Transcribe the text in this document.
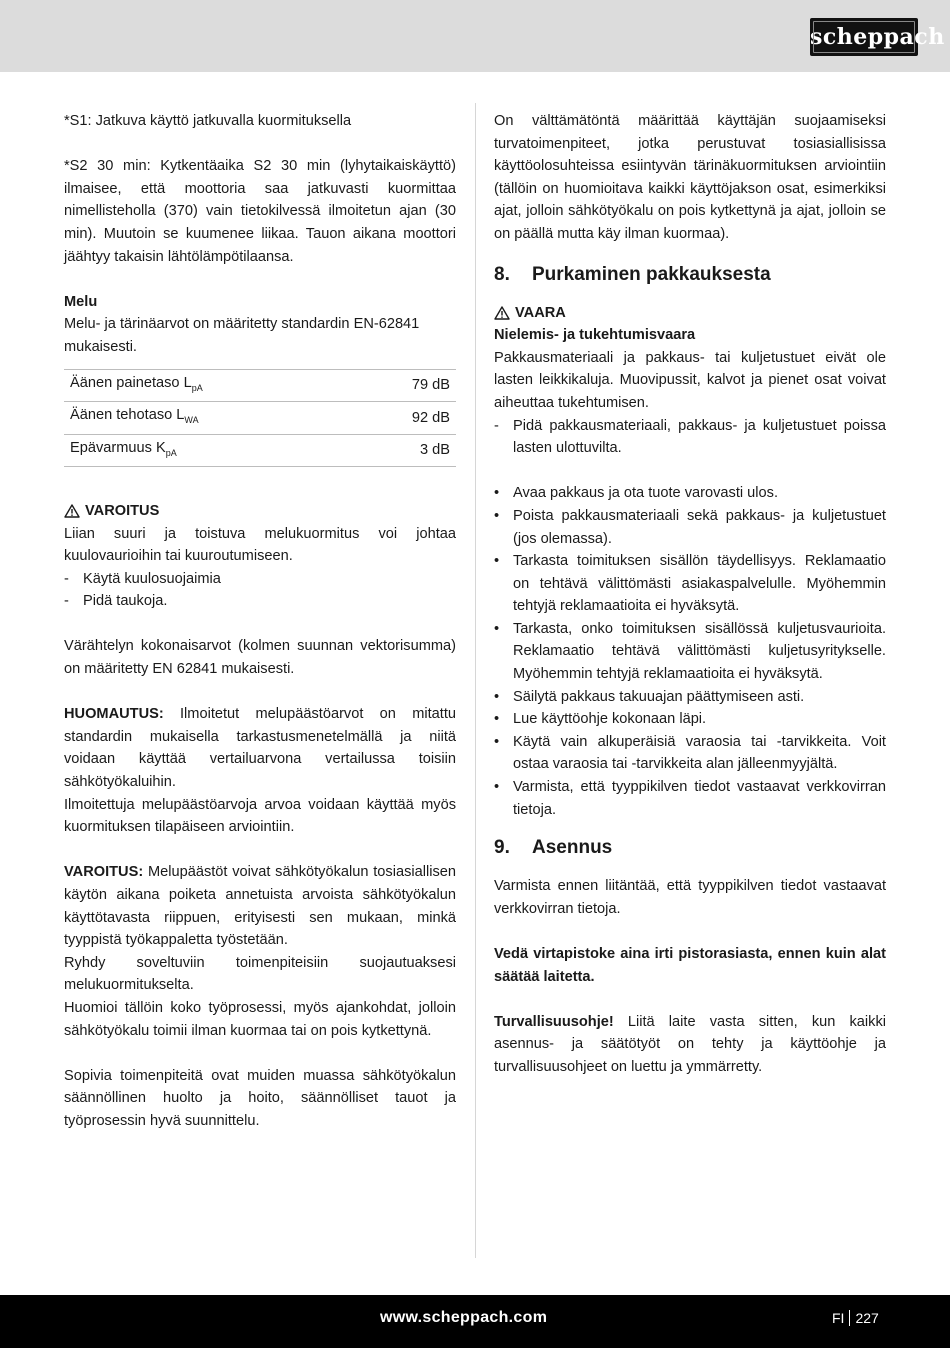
scheppach

*S1: Jatkuva käyttö jatkuvalla kuormituksella

*S2 30 min: Kytkentäaika S2 30 min (lyhytaikaiskäyttö) ilmaisee, että moottoria saa jatkuvasti kuormittaa nimellisteholla (370) vain tietokilvessä ilmoitetun ajan (30 min). Muutoin se kuumenee liikaa. Tauon aikana moottori jäähtyy takaisin lähtölämpötilaansa.

Melu

Melu- ja tärinäarvot on määritetty standardin EN-62841 mukaisesti.

Äänen painetaso $L_{pA}$	79 dB
Äänen tehotaso $L_{WA}$	92 dB
Epävarmuus $K_{pA}$	3 dB

VAROITUS

Liian suuri ja toistuva melukuormitus voi johtaa kuulovaurioihin tai kuuroutumiseen.

- Käytä kuulosuojaimia
- Pidä taukoja.

Värähtelyn kokonaisarvot (kolmen suunnan vektorisumma) on määritetty EN 62841 mukaisesti.

HUOMAUTUS: Ilmoitetut melupäästöarvot on mitattu standardin mukaisella tarkastusmenetelmällä ja niitä voidaan käyttää vertailuarvona vertailussa toisiin sähkötyökaluihin.

Ilmoitettuja melupäästöarvoja arvoa voidaan käyttää myös kuormituksen tilapäiseen arviointiin.

VAROITUS: Melupäästöt voivat sähkötyökalun tosiasiallisen käytön aikana poiketa annetuista arvoista sähkötyökalun käyttötavasta riippuen, erityisesti sen mukaan, minkä tyyppistä työkappaletta työstetään.

Ryhdy soveltuviin toimenpiteisiin suojautuaksesi melukuormitukselta.

Huomioi tällöin koko työprosessi, myös ajankohdat, jolloin sähkötyökalu toimii ilman kuormaa tai on pois kytkettynä.

Sopivia toimenpiteitä ovat muiden muassa sähkötyökalun säännöllinen huolto ja hoito, säännölliset tauot ja työprosessin hyvä suunnittelu.

On välttämätöntä määrittää käyttäjän suojaamiseksi turvatoimenpiteet, jotka perustuvat tosiasiallisissa käyttöolosuhteissa esiintyvän tärinäkuormituksen arviointiin (tällöin on huomioitava kaikki käyttöjakson osat, esimerkiksi ajat, jolloin sähkötyökalu on pois kytkettynä ja ajat, jolloin se on päällä mutta käy ilman kuormaa).

8.	Purkaminen pakkauksesta

VAARA

Nielemis- ja tukehtumisvaara

Pakkausmateriaali ja pakkaus- tai kuljetustuet eivät ole lasten leikkikaluja. Muovipussit, kalvot ja pienet osat voivat aiheuttaa tukehtumisen.

- Pidä pakkausmateriaali, pakkaus- ja kuljetustuet poissa lasten ulottuvilta.
• Avaa pakkaus ja ota tuote varovasti ulos.
• Poista pakkausmateriaali sekä pakkaus- ja kuljetustuet (jos olemassa).
• Tarkasta toimituksen sisällön täydellisyys. Reklamaatio on tehtävä välittömästi asiakaspalvelulle. Myöhemmin tehtyjä reklamaatioita ei hyväksytä.
• Tarkasta, onko toimituksen sisällössä kuljetusvaurioita. Reklamaatio tehtävä välittömästi kuljetusyritykselle. Myöhemmin tehtyjä reklamaatioita ei hyväksytä.
• Säilytä pakkaus takuuajan päättymiseen asti.
• Lue käyttöohje kokonaan läpi.
• Käytä vain alkuperäisiä varaosia tai -tarvikkeita. Voit ostaa varaosia tai -tarvikkeita alan jälleenmyyjältä.
• Varmista, että tyyppikilven tiedot vastaavat verkkovirran tietoja.
9.	Asennus

Varmista ennen liitäntää, että tyyppikilven tiedot vastaavat verkkovirran tietoja.

Vedä virtapistoke aina irti pistorasiasta, ennen kuin alat säätää laitetta.

Turvallisuusohje! Liitä laite vasta sitten, kun kaikki asennus- ja säätötyöt on tehty ja käyttöohje ja turvallisuusohjeet on luettu ja ymmärretty.

www.scheppach.com	FI 227
